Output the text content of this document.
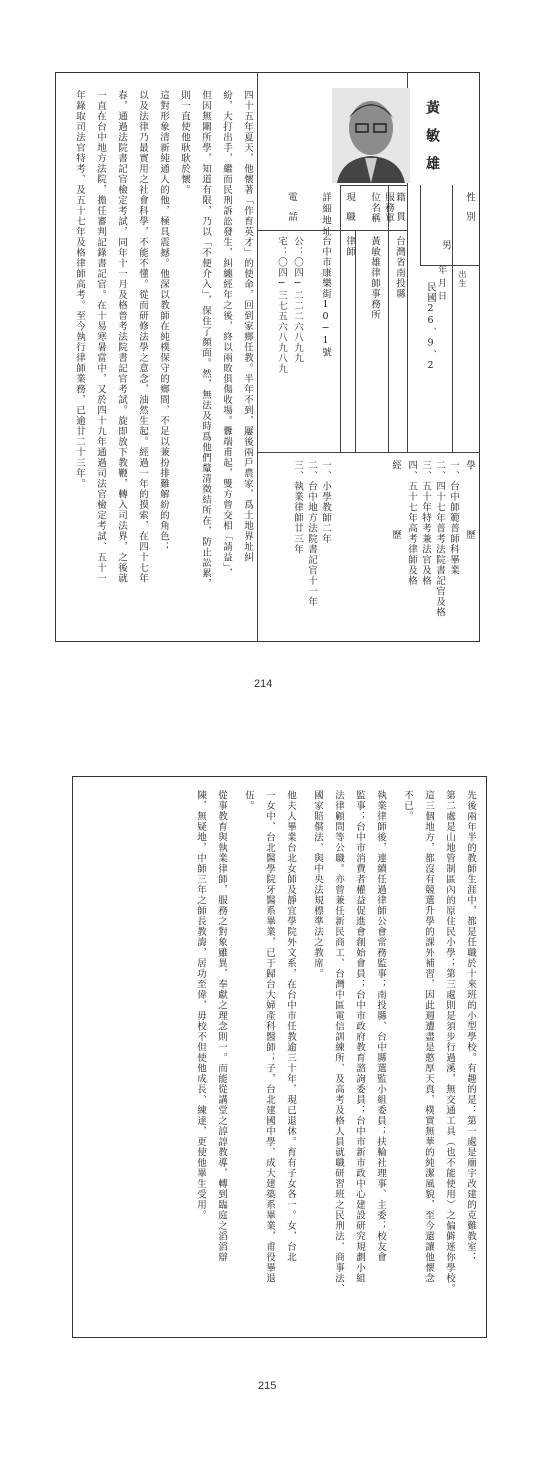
黃敏雄
性別
男
年 月 日
出生
民國26、9、2
籍貫
台灣省南投縣
服務單位名稱
黃敏雄律師事務所
現職
律師
詳細地址
台中市康樂街10─1號
電話
公：〇四─二二二六八九九
宅：〇四─三七五六八九八九
學歷
一、台中師範普師科畢業
二、四十七年普考法院書記官及格
三、五十年特考兼法官及格
四、五十七年高考律師及格
經歷
一、小學教師二年
二、台中地方法院書記官十一年
三、執業律師廿三年
四十五年夏天，他懷著「作育英才」的使命，回到家鄉任教。半年不到，屢後兩戶農家，爲土地界址糾
紛，大打出手，繼而民刑訴訟發生，糾纏經年之後，終以兩敗俱傷收場。釁端甫起，雙方曾交相「請益」，
但因無關所學，知道有限，乃以「不便介入」，保住了顏面。然，無法及時爲他們釐清徵結所在，防止訟累，
則一直使他耿耿於懷。
這對形象清新純通人的他，極具震撼。他深以教師在純樸保守的鄉間，不足以兼扮排難解紛的角色；
以及法律乃最實用之社會科學，不能不懂。從而研修法學之意念，油然生起。經過一年的摸索，在四十七年
春，通過法院書記官檢定考試，同年十一月及格普考法院書記官考試。旋即放下教鞭，轉入司法界，之後就
一直在台中地方法院，擔任審判記錄書記官。在十易寒暑當中，又於四十九年通過司法官檢定考試、五十一
年錄取司法官特考、及五十七年及格律師高考。至今執行律師業務，已逾廿二十三年。
214
先後兩年半的教師生涯中，都是任職於十來班的小型學校。有趣的是：第一處是廟宇改建的克難教室；
第二處是山地管制區內的原住民小學；第三處則是須步行過溪，無交通工具（也不能使用）之偏僻迷你學校。
這三個地方，都沒有競選升學的課外補習，因此週遭盡是憨厚天真，樸實無華的純潔風貌，至今還讓他懷念
不已。
執業律師後，連續任過律師公會常務監事；南投縣、台中縣選監小組委員；扶輪社理事、主委；校友會
監事；台中市消費者權益促進會創始會員；台中市政府教育諮詢委員；台中市新市政中心建設研究規劃小組
法律顧問等公職。亦曾兼任新民商工、台灣中區電信訓練所、及高考及格人員就職研習班之民刑法、商事法、
國家賠償法、與中央法規標準法之教席。
他夫人畢業台北女師及靜宜學院外文系，在台中市任教逾三十年，現已退休。育有子女各一。女，台北
一女中、台北醫學院牙醫系畢業，已于歸台大婦產科醫師；子，台北建國中學、成大建築系畢業，甫役畢退
伍。
從事教育與執業律師，服務之對象雖異，奉獻之理念則一。而能從講堂之諄諄教導，轉到臨庭之滔滔辯
陳，無疑地，中師三年之師長教誨，居功至偉，毋校不但使他成長、練達，更使他畢生受用。
215
